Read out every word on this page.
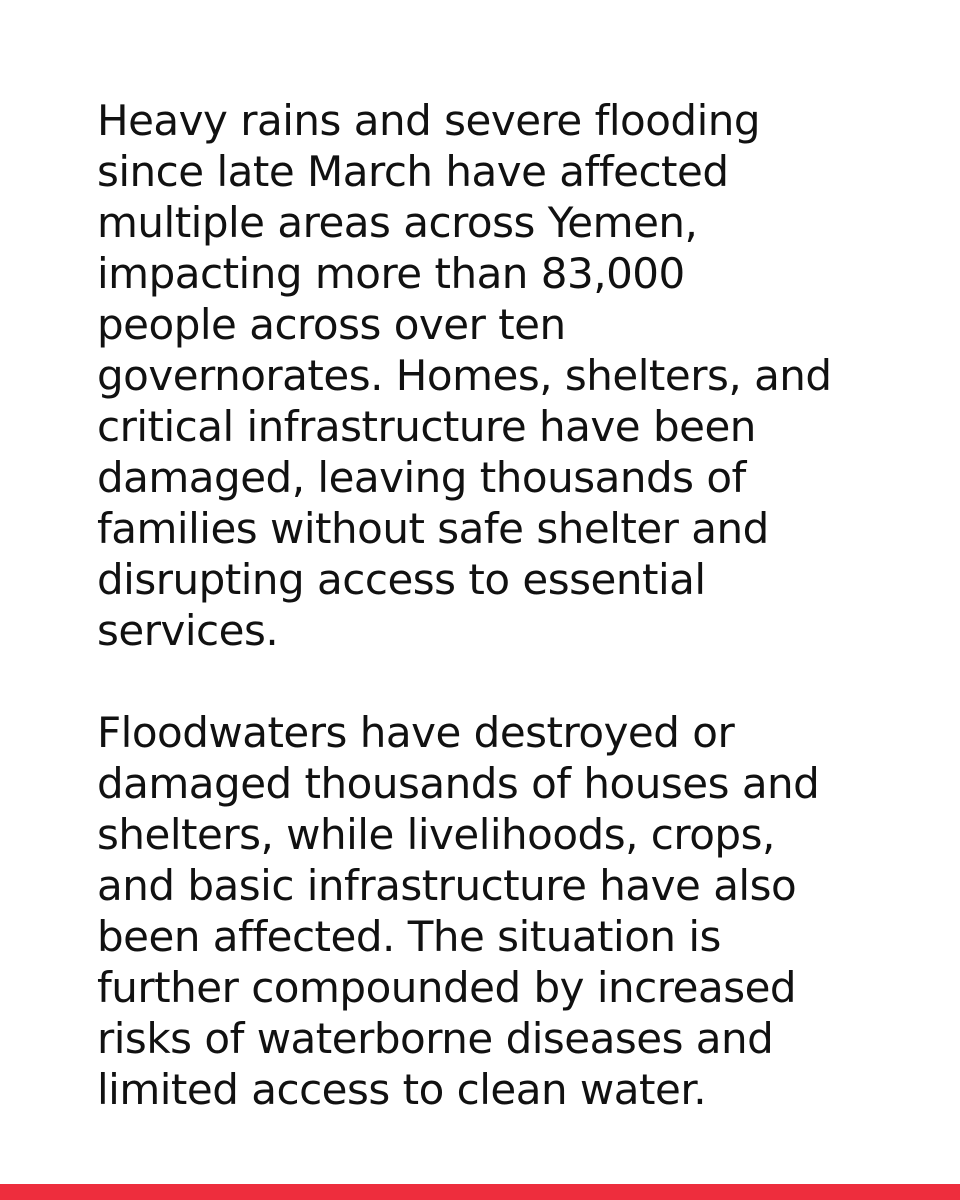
Heavy rains and severe flooding
since late March have affected
multiple areas across Yemen,
impacting more than 83,000
people across over ten
governorates. Homes, shelters, and
critical infrastructure have been
damaged, leaving thousands of
families without safe shelter and
disrupting access to essential
services.

Floodwaters have destroyed or
damaged thousands of houses and
shelters, while livelihoods, crops,
and basic infrastructure have also
been affected. The situation is
further compounded by increased
risks of waterborne diseases and
limited access to clean water.
